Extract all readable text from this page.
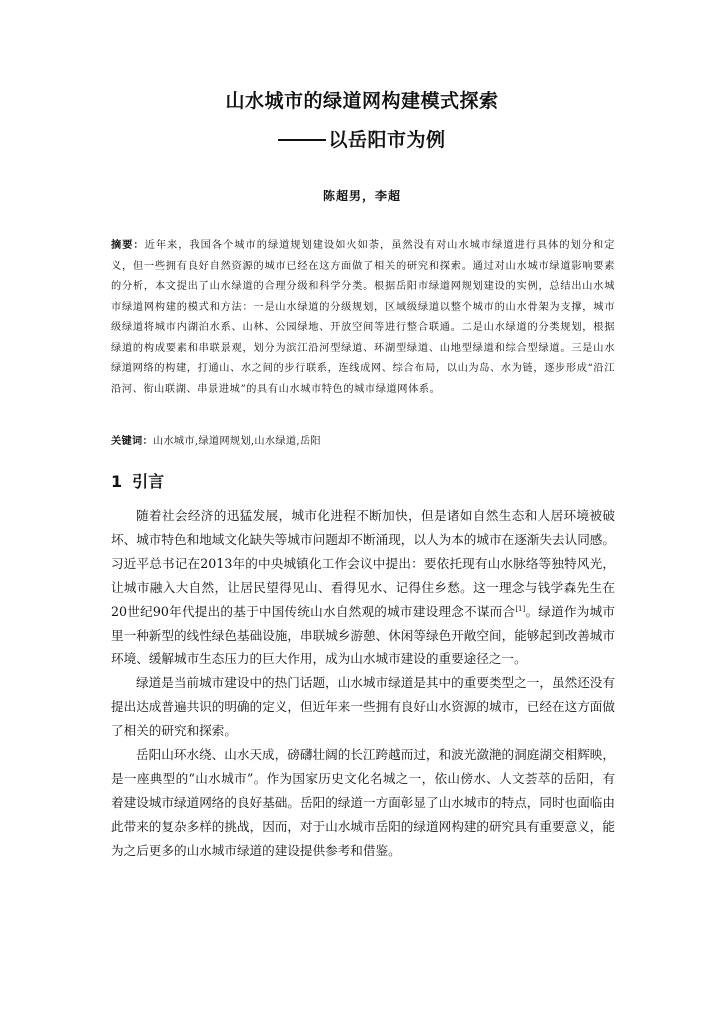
山水城市的绿道网构建模式探索
以岳阳市为例
陈超男，李超
摘要：近年来，我国各个城市的绿道规划建设如火如荼，虽然没有对山水城市绿道进行具体的划分和定义，但一些拥有良好自然资源的城市已经在这方面做了相关的研究和探索。通过对山水城市绿道影响要素的分析，本文提出了山水绿道的合理分级和科学分类。根据岳阳市绿道网规划建设的实例，总结出山水城市绿道网构建的模式和方法：一是山水绿道的分级规划，区域级绿道以整个城市的山水骨架为支撑，城市级绿道将城市内湖泊水系、山林、公园绿地、开放空间等进行整合联通。二是山水绿道的分类规划，根据绿道的构成要素和串联景观，划分为滨江沿河型绿道、环湖型绿道、山地型绿道和综合型绿道。三是山水绿道网络的构建，打通山、水之间的步行联系，连线成网、综合布局，以山为岛、水为链，逐步形成“沿江沿河、衔山联湖、串景进城”的具有山水城市特色的城市绿道网体系。
关键词：山水城市,绿道网规划,山水绿道,岳阳
1 引言

随着社会经济的迅猛发展，城市化进程不断加快，但是诸如自然生态和人居环境被破坏、城市特色和地域文化缺失等城市问题却不断涌现，以人为本的城市在逐渐失去认同感。习近平总书记在2013年的中央城镇化工作会议中提出：要依托现有山水脉络等独特风光，让城市融入大自然，让居民望得见山、看得见水、记得住乡愁。这一理念与钱学森先生在20世纪90年代提出的基于中国传统山水自然观的城市建设理念不谋而合[1]。绿道作为城市里一种新型的线性绿色基础设施，串联城乡游憩、休闲等绿色开敞空间，能够起到改善城市环境、缓解城市生态压力的巨大作用，成为山水城市建设的重要途径之一。

绿道是当前城市建设中的热门话题，山水城市绿道是其中的重要类型之一，虽然还没有提出达成普遍共识的明确的定义，但近年来一些拥有良好山水资源的城市，已经在这方面做了相关的研究和探索。

岳阳山环水绕、山水天成，磅礴壮阔的长江跨越而过，和波光潋滟的洞庭湖交相辉映，是一座典型的“山水城市”。作为国家历史文化名城之一，依山傍水、人文荟萃的岳阳，有着建设城市绿道网络的良好基础。岳阳的绿道一方面彰显了山水城市的特点，同时也面临由此带来的复杂多样的挑战，因而，对于山水城市岳阳的绿道网构建的研究具有重要意义，能为之后更多的山水城市绿道的建设提供参考和借鉴。
